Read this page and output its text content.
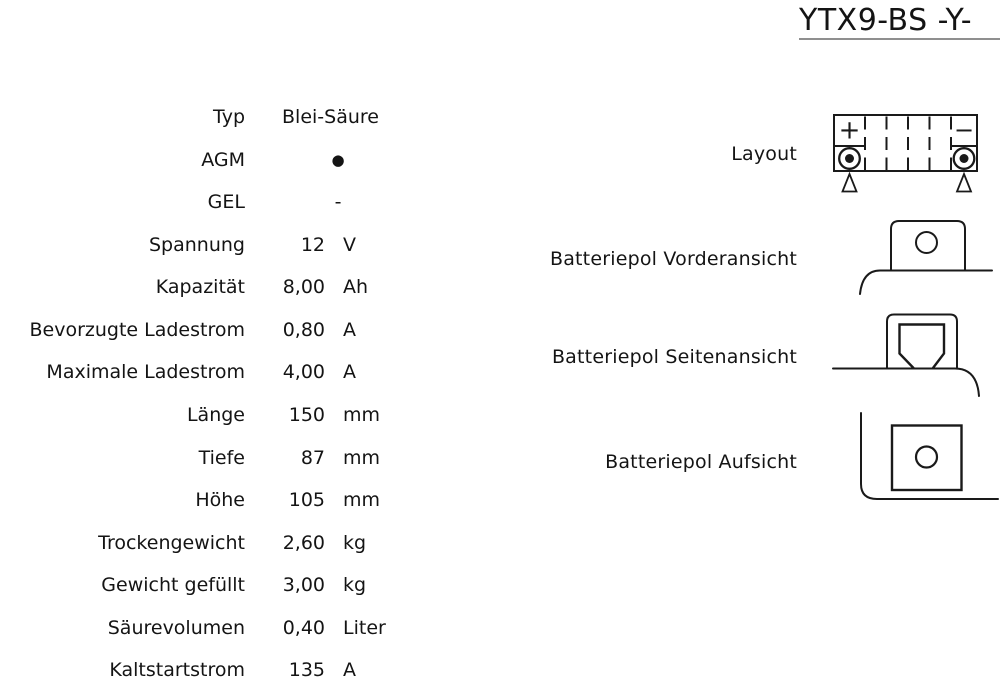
YTX9-BS -Y-
Typ Blei-Säure
AGM	●
GEL	-
Spannung	12 V
Kapazität 8,00 Ah
Bevorzugte Ladestrom 0,80 A
Maximale Ladestrom 4,00 A
Länge	150 mm
Tiefe	87 mm
Höhe	105 mm
Trockengewicht 2,60 kg
Gewicht gefüllt 3,00 kg
Säurevolumen 0,40 Liter
Kaltstartstrom	135 A
Layout
Batteriepol Vorderansicht
Batteriepol Seitenansicht
Batteriepol Aufsicht
+	−
